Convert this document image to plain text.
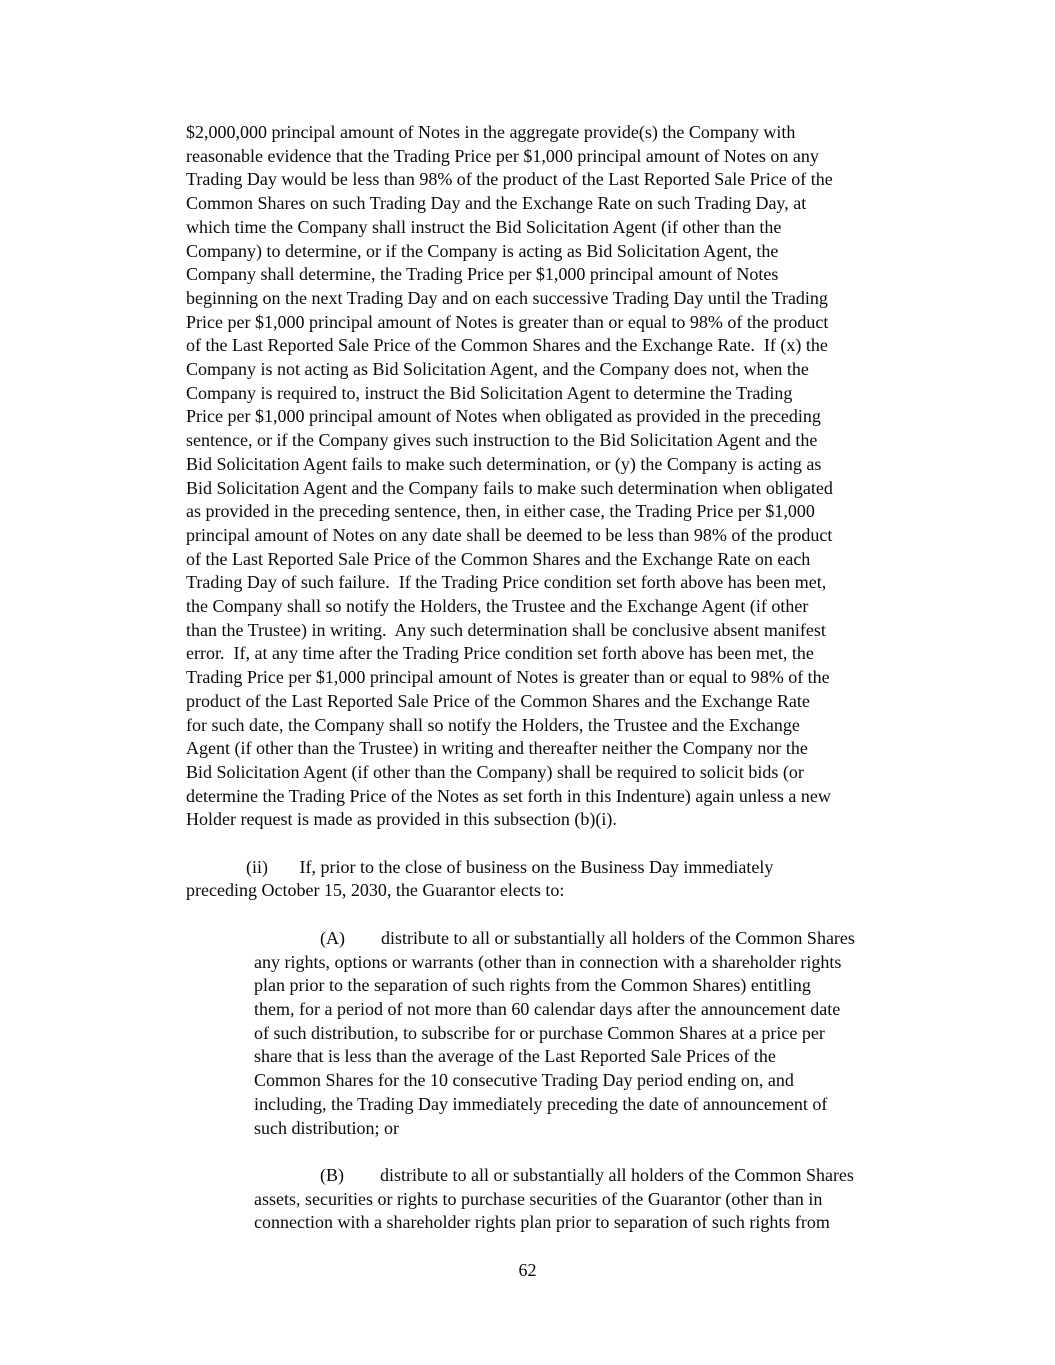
$2,000,000 principal amount of Notes in the aggregate provide(s) the Company with
reasonable evidence that the Trading Price per $1,000 principal amount of Notes on any
Trading Day would be less than 98% of the product of the Last Reported Sale Price of the
Common Shares on such Trading Day and the Exchange Rate on such Trading Day, at
which time the Company shall instruct the Bid Solicitation Agent (if other than the
Company) to determine, or if the Company is acting as Bid Solicitation Agent, the
Company shall determine, the Trading Price per $1,000 principal amount of Notes
beginning on the next Trading Day and on each successive Trading Day until the Trading
Price per $1,000 principal amount of Notes is greater than or equal to 98% of the product
of the Last Reported Sale Price of the Common Shares and the Exchange Rate.  If (x) the
Company is not acting as Bid Solicitation Agent, and the Company does not, when the
Company is required to, instruct the Bid Solicitation Agent to determine the Trading
Price per $1,000 principal amount of Notes when obligated as provided in the preceding
sentence, or if the Company gives such instruction to the Bid Solicitation Agent and the
Bid Solicitation Agent fails to make such determination, or (y) the Company is acting as
Bid Solicitation Agent and the Company fails to make such determination when obligated
as provided in the preceding sentence, then, in either case, the Trading Price per $1,000
principal amount of Notes on any date shall be deemed to be less than 98% of the product
of the Last Reported Sale Price of the Common Shares and the Exchange Rate on each
Trading Day of such failure.  If the Trading Price condition set forth above has been met,
the Company shall so notify the Holders, the Trustee and the Exchange Agent (if other
than the Trustee) in writing.  Any such determination shall be conclusive absent manifest
error.  If, at any time after the Trading Price condition set forth above has been met, the
Trading Price per $1,000 principal amount of Notes is greater than or equal to 98% of the
product of the Last Reported Sale Price of the Common Shares and the Exchange Rate
for such date, the Company shall so notify the Holders, the Trustee and the Exchange
Agent (if other than the Trustee) in writing and thereafter neither the Company nor the
Bid Solicitation Agent (if other than the Company) shall be required to solicit bids (or
determine the Trading Price of the Notes as set forth in this Indenture) again unless a new
Holder request is made as provided in this subsection (b)(i).
(ii)       If, prior to the close of business on the Business Day immediately
preceding October 15, 2030, the Guarantor elects to:
(A)        distribute to all or substantially all holders of the Common Shares
any rights, options or warrants (other than in connection with a shareholder rights
plan prior to the separation of such rights from the Common Shares) entitling
them, for a period of not more than 60 calendar days after the announcement date
of such distribution, to subscribe for or purchase Common Shares at a price per
share that is less than the average of the Last Reported Sale Prices of the
Common Shares for the 10 consecutive Trading Day period ending on, and
including, the Trading Day immediately preceding the date of announcement of
such distribution; or
(B)        distribute to all or substantially all holders of the Common Shares
assets, securities or rights to purchase securities of the Guarantor (other than in
connection with a shareholder rights plan prior to separation of such rights from
62
